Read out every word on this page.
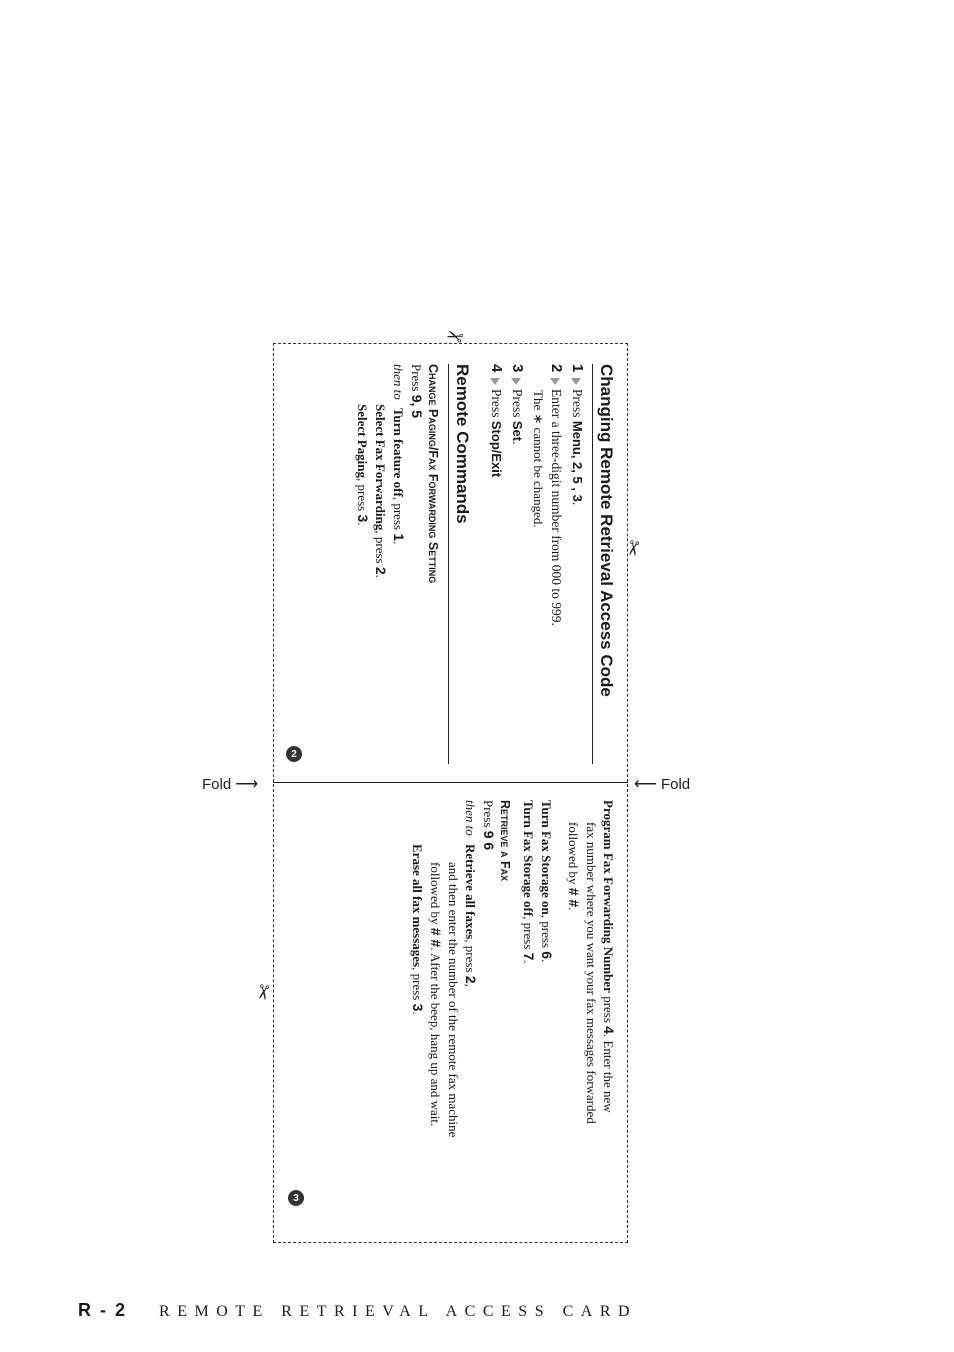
Fold ⟶	⟵ Fold
✂
✂
✂
Changing Remote Retrieval Access Code
1Press Menu, 2, 5 , 3.
2Enter a three-digit number from 000 to 999.
The ∗ cannot be changed.
3Press Set.
4Press Stop/Exit
Remote Commands
Change Paging/Fax Forwarding Setting
Press 9, 5
then toTurn feature off, press 1.
Select Fax Forwarding, press 2.
Select Paging, press 3.
Program Fax Forwarding Number press 4. Enter the new
fax number where you want your fax messages forwarded
followed by # #.
Turn Fax Storage on, press 6.
Turn Fax Storage off, press 7.
Retrieve a Fax
Press 9 6
then toRetrieve all faxes, press 2,
and then enter the number of the remote fax machine
followed by # #. After the beep, hang up and wait.
Erase all fax messages, press 3.
2
3
R - 2 REMOTE RETRIEVAL ACCESS CARD
